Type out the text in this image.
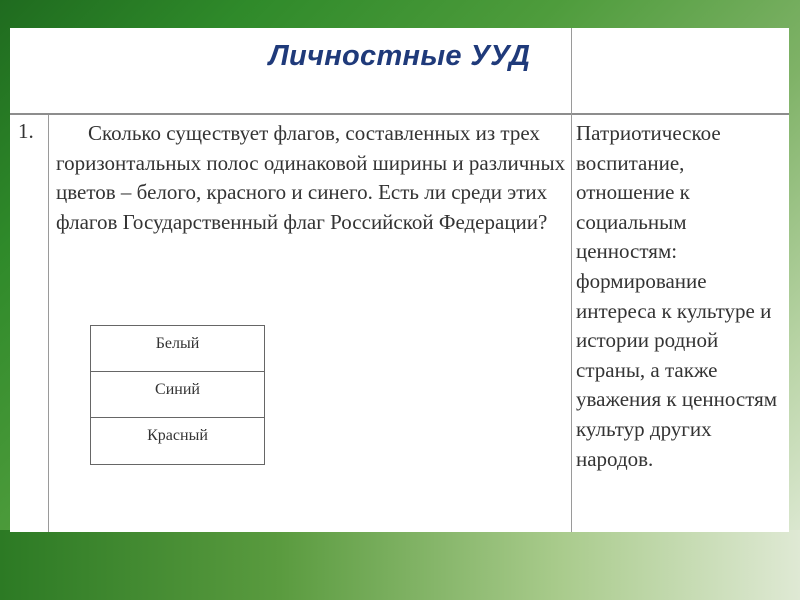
Личностные УУД
1.	Сколько существует флагов, составленных из трех горизонтальных полос одинаковой ширины и различных цветов – белого, красного и синего. Есть ли среди этих флагов Государственный флаг Российской Федерации?
Патриотическое воспитание, отношение к социальным ценностям: формирование интереса к культуре и истории родной страны, а также уважения к ценностям культур других народов.
Белый
Синий
Красный
